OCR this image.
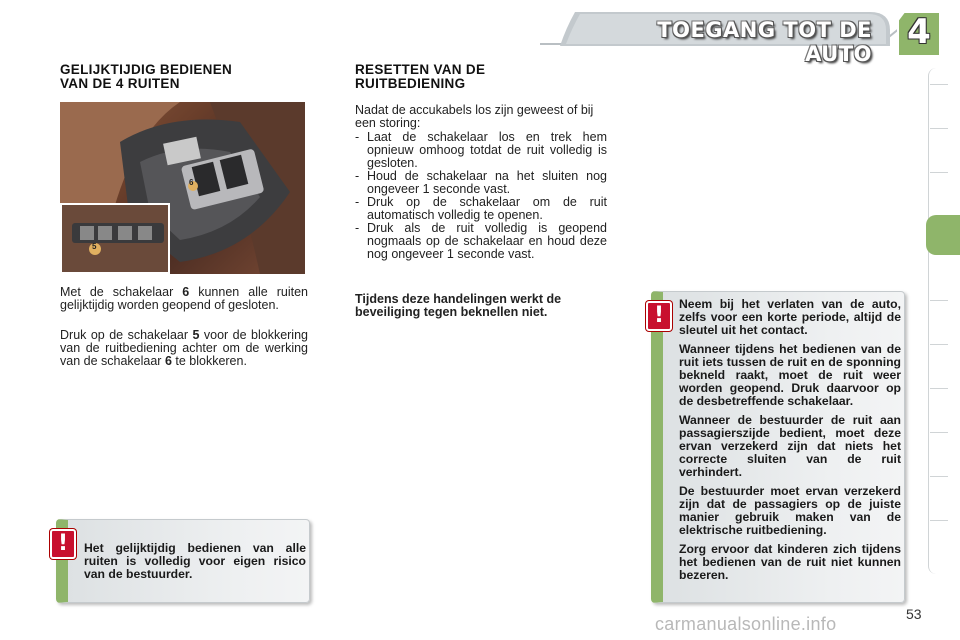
TOEGANG TOT DE AUTO
4
GELIJKTIJDIG BEDIENEN
VAN DE 4 RUITEN
6
5
Met de schakelaar 6 kunnen alle ruiten gelijktijdig worden geopend of gesloten.
Druk op de schakelaar 5 voor de blokkering van de ruitbediening achter om de werking van de schakelaar 6 te blokkeren.
RESETTEN VAN DE
RUITBEDIENING
Nadat de accukabels los zijn geweest of bij een storing:
- Laat de schakelaar los en trek hem opnieuw omhoog totdat de ruit volledig is gesloten.
- Houd de schakelaar na het sluiten nog ongeveer 1 seconde vast.
- Druk op de schakelaar om de ruit automatisch volledig te openen.
- Druk als de ruit volledig is geopend nogmaals op de schakelaar en houd deze nog ongeveer 1 seconde vast.
Tijdens deze handelingen werkt de beveiliging tegen beknellen niet.
Het gelijktijdig bedienen van alle ruiten is volledig voor eigen risico van de bestuurder.
!
Neem bij het verlaten van de auto, zelfs voor een korte periode, altijd de sleutel uit het contact.
Wanneer tijdens het bedienen van de ruit iets tussen de ruit en de sponning bekneld raakt, moet de ruit weer worden geopend. Druk daarvoor op de desbetreffende schakelaar.
Wanneer de bestuurder de ruit aan passagierszijde bedient, moet deze ervan verzekerd zijn dat niets het correcte sluiten van de ruit verhindert.
De bestuurder moet ervan verzekerd zijn dat de passagiers op de juiste manier gebruik maken van de elektrische ruitbediening.
Zorg ervoor dat kinderen zich tijdens het bedienen van de ruit niet kunnen bezeren.
!
53
carmanualsonline.info
